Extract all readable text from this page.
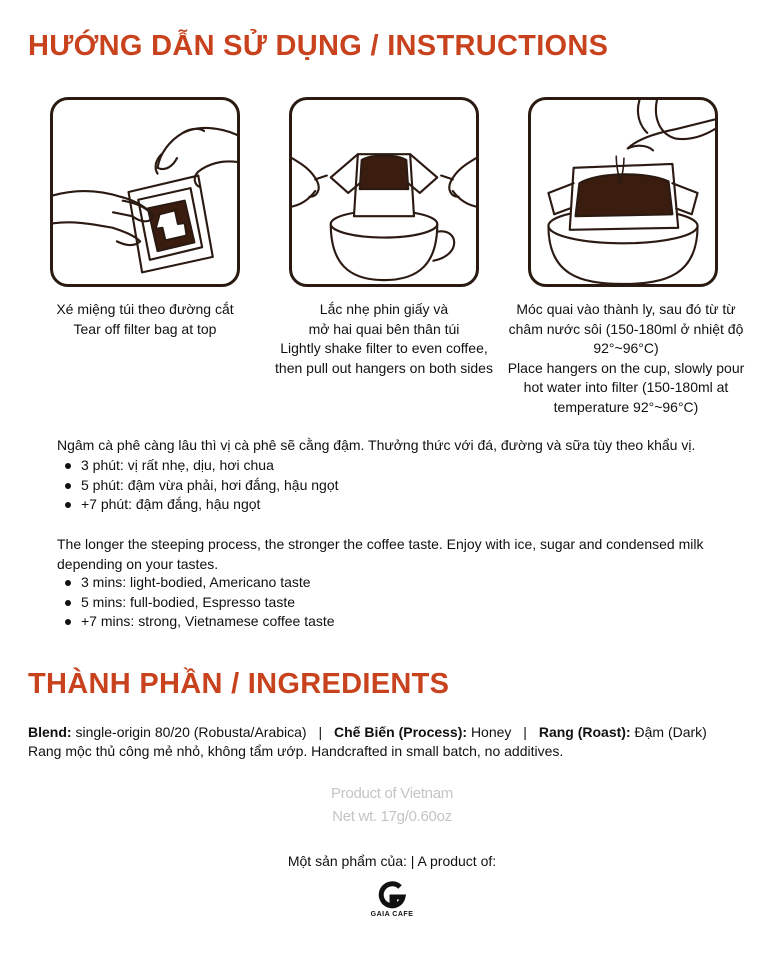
HƯỚNG DẪN SỬ DỤNG / INSTRUCTIONS
Xé miệng túi theo đường cắt
Tear off filter bag at top
Lắc nhẹ phin giấy và
mở hai quai bên thân túi
Lightly shake filter to even coffee,
then pull out hangers on both sides
Móc quai vào thành ly, sau đó từ từ
châm nước sôi (150-180ml ở nhiệt độ
92°~96°C)
Place hangers on the cup, slowly pour
hot water into filter (150-180ml at
temperature 92°~96°C)
Ngâm cà phê càng lâu thì vị cà phê sẽ cằng đậm. Thưởng thức với đá, đường và sữa tùy theo khẩu vị.
3 phút: vị rất nhẹ, dịu, hơi chua
5 phút: đậm vừa phải, hơi đắng, hậu ngọt
+7 phút: đậm đắng, hậu ngọt
The longer the steeping process, the stronger the coffee taste. Enjoy with ice, sugar and condensed milk depending on your tastes.
3 mins: light-bodied, Americano taste
5 mins: full-bodied, Espresso taste
+7 mins: strong, Vietnamese coffee taste
THÀNH PHẦN / INGREDIENTS
Blend: single-origin 80/20 (Robusta/Arabica) | Chế Biến (Process): Honey | Rang (Roast): Đậm (Dark)
Rang mộc thủ công mẻ nhỏ, không tẩm ướp. Handcrafted in small batch, no additives.
Product of Vietnam
Net wt. 17g/0.60oz
Một sản phẩm của: | A product of:
GAIA CAFE
